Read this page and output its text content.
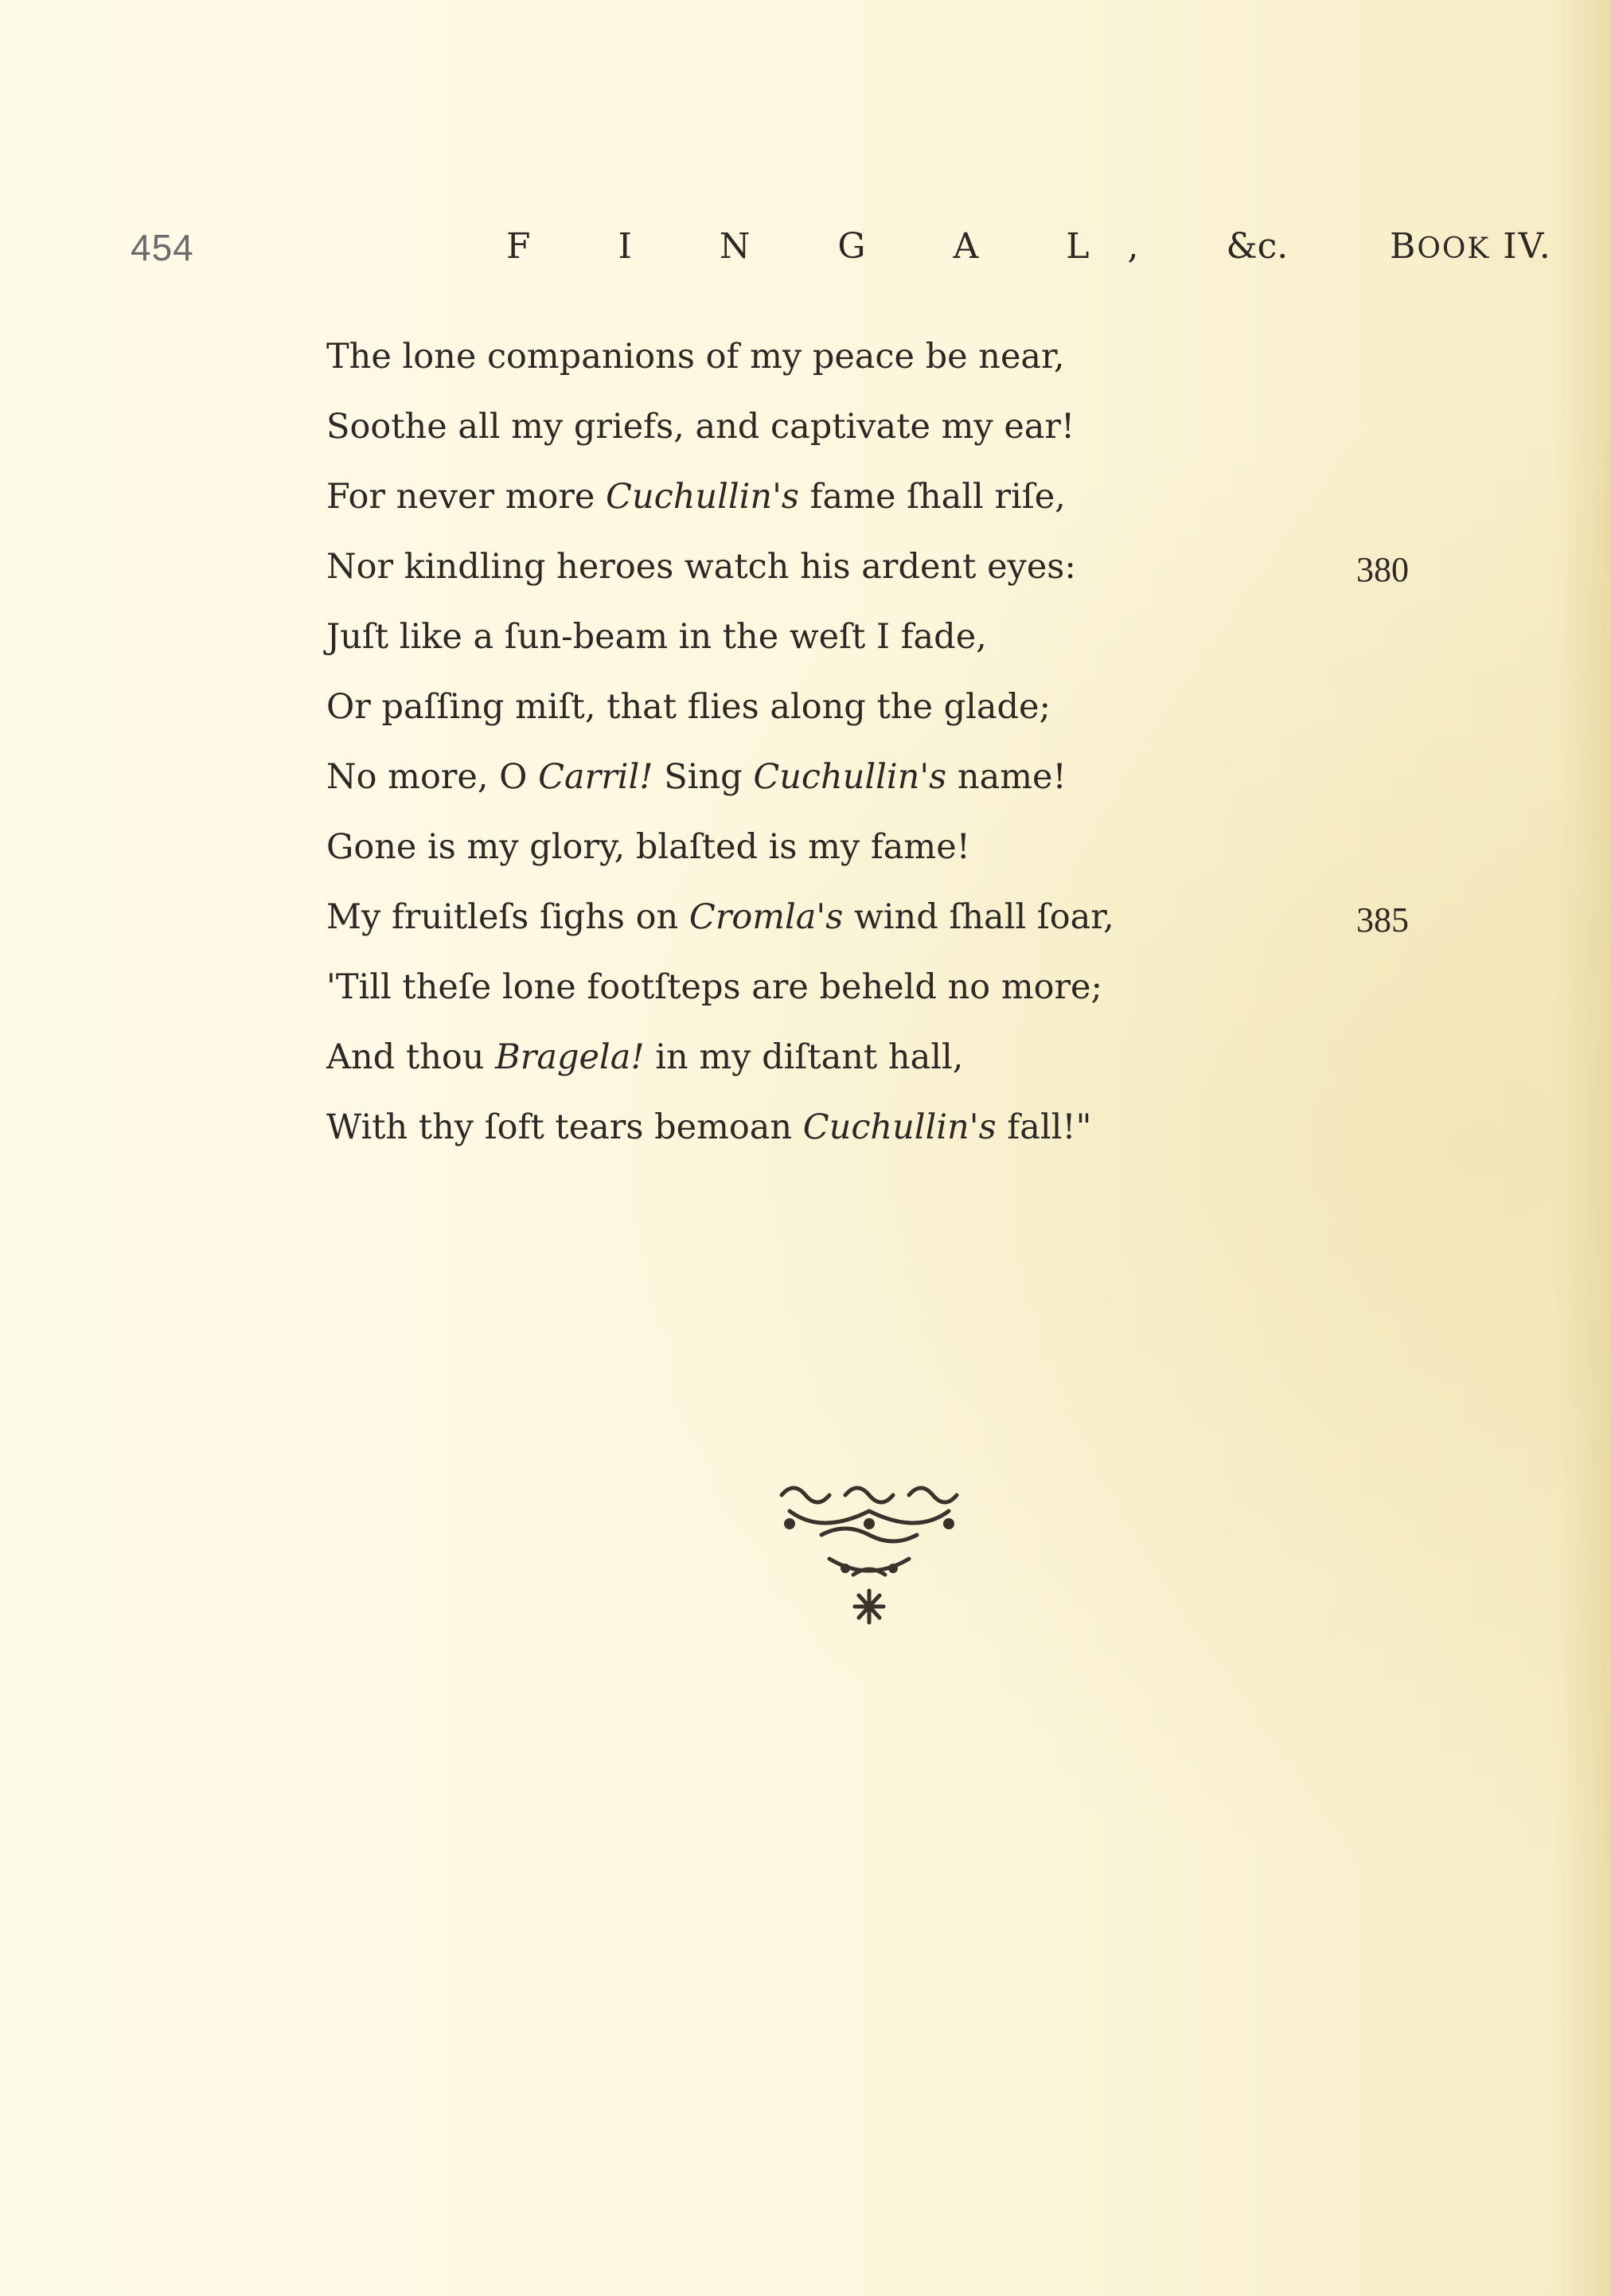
454	F I N G A L, &c.	BOOK IV.
The lone companions of my peace be near,
Soothe all my griefs, and captivate my ear!
For never more Cuchullin's fame ſhall riſe,
Nor kindling heroes watch his ardent eyes:	380
Juſt like a ſun-beam in the weſt I fade,
Or paſſing miſt, that flies along the glade;
No more, O Carril! Sing Cuchullin's name!
Gone is my glory, blaſted is my fame!
My fruitleſs ſighs on Cromla's wind ſhall ſoar,	385
'Till theſe lone footſteps are beheld no more;
And thou Bragela! in my diſtant hall,
With thy ſoft tears bemoan Cuchullin's fall!"
